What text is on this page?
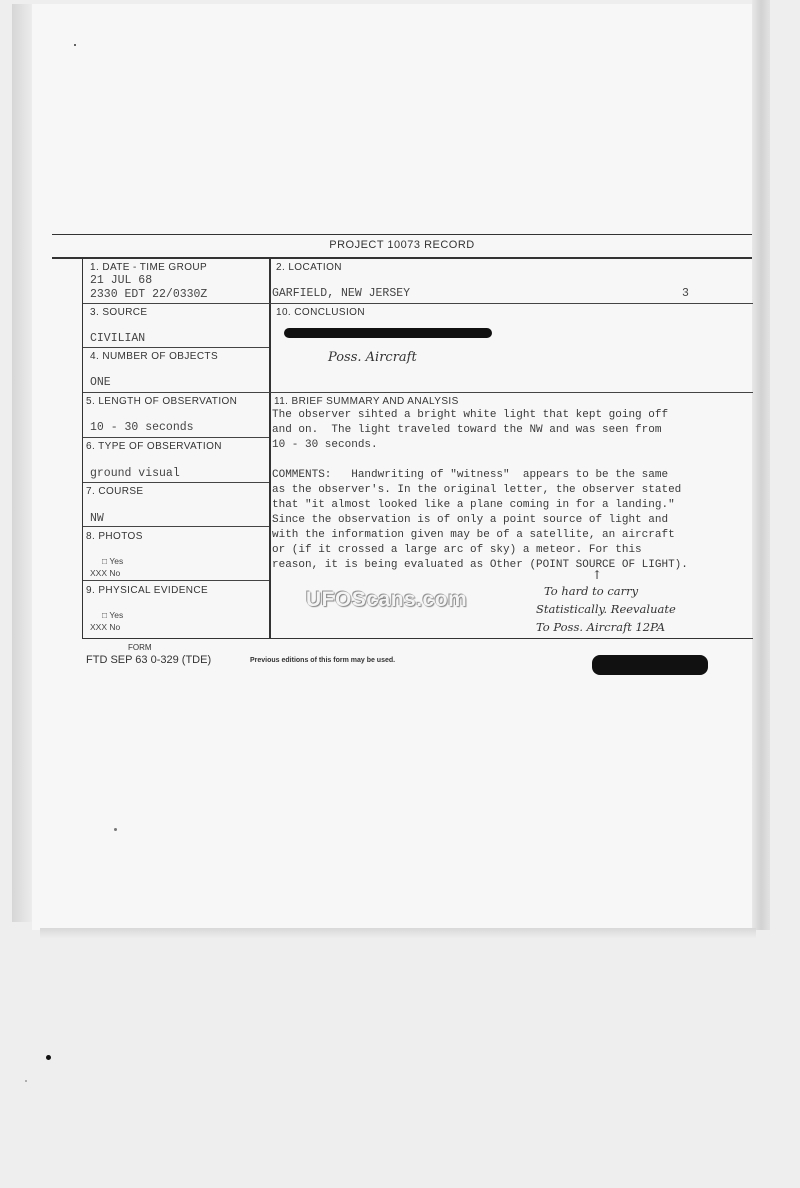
PROJECT 10073 RECORD
1. DATE - TIME GROUP
21 JUL 68
2330 EDT 22/0330Z
2. LOCATION
GARFIELD, NEW JERSEY	3
3. SOURCE
CIVILIAN
10. CONCLUSION
Poss. Aircraft
4. NUMBER OF OBJECTS
ONE
5. LENGTH OF OBSERVATION
10 - 30 seconds
6. TYPE OF OBSERVATION
ground visual
7. COURSE
NW
8. PHOTOS
□ Yes
XXX No
9. PHYSICAL EVIDENCE
□ Yes
XXX No
11. BRIEF SUMMARY AND ANALYSIS
The observer sihted a bright white light that kept going off
and on.  The light traveled toward the NW and was seen from
10 - 30 seconds.
COMMENTS:   Handwriting of "witness"  appears to be the same
as the observer's. In the original letter, the observer stated
that "it almost looked like a plane coming in for a landing."
Since the observation is of only a point source of light and
with the information given may be of a satellite, an aircraft
or (if it crossed a large arc of sky) a meteor. For this
reason, it is being evaluated as Other (POINT SOURCE OF LIGHT).
↑
To hard to carry
Statistically. Reevaluate
To Poss. Aircraft 12PA
UFOScans.com
FORM
FTD SEP 63 0-329 (TDE)	Previous editions of this form may be used.
